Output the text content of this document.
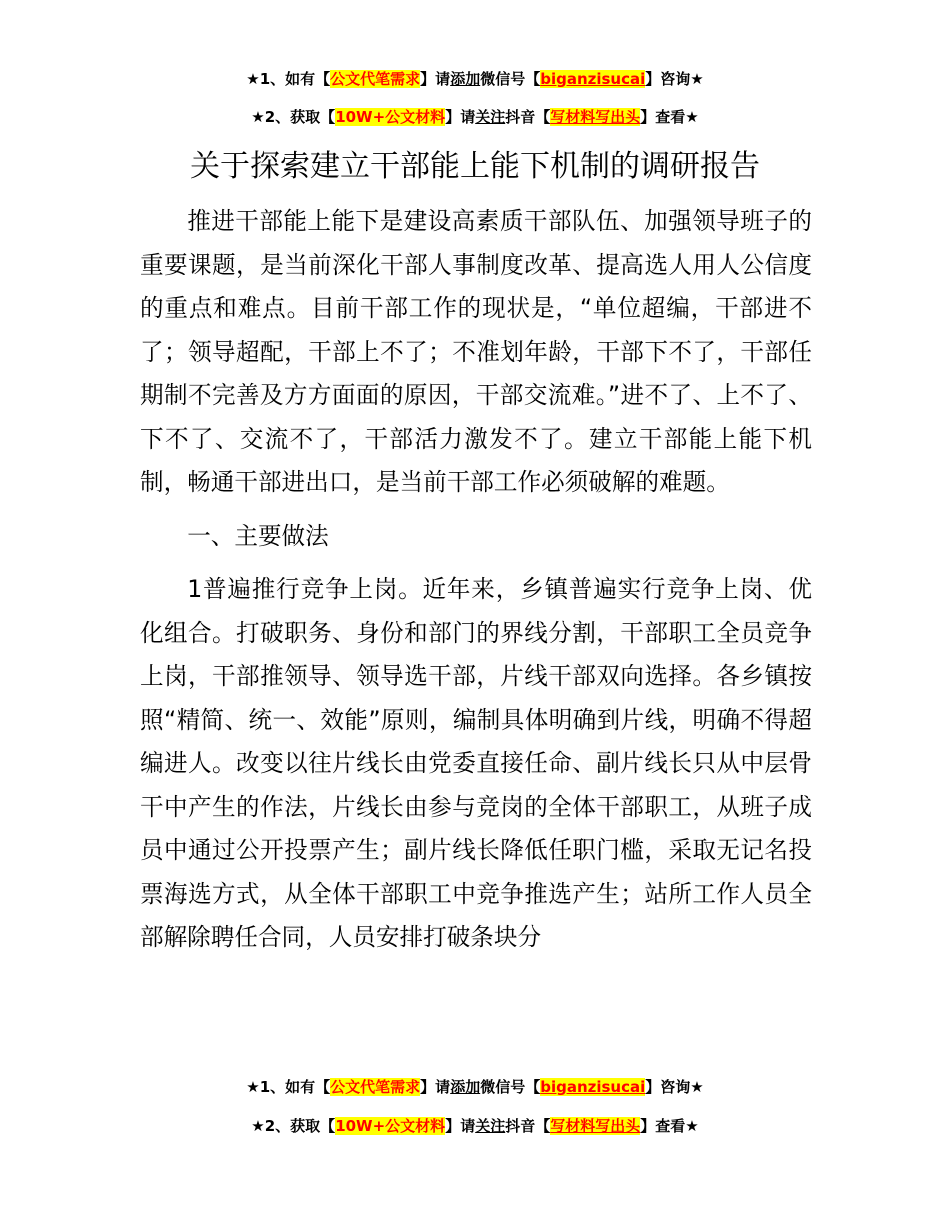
★1、如有【公文代笔需求】请添加微信号【biganzisucai】咨询★
★2、获取【10W+公文材料】请关注抖音【写材料写出头】查看★
关于探索建立干部能上能下机制的调研报告

推进干部能上能下是建设高素质干部队伍、加强领导班子的重要课题，是当前深化干部人事制度改革、提高选人用人公信度的重点和难点。目前干部工作的现状是，“单位超编，干部进不了；领导超配，干部上不了；不准划年龄，干部下不了，干部任期制不完善及方方面面的原因，干部交流难。”进不了、上不了、下不了、交流不了，干部活力激发不了。建立干部能上能下机制，畅通干部进出口，是当前干部工作必须破解的难题。

一、主要做法

1普遍推行竞争上岗。近年来，乡镇普遍实行竞争上岗、优化组合。打破职务、身份和部门的界线分割，干部职工全员竞争上岗，干部推领导、领导选干部，片线干部双向选择。各乡镇按照“精简、统一、效能”原则，编制具体明确到片线，明确不得超编进人。改变以往片线长由党委直接任命、副片线长只从中层骨干中产生的作法，片线长由参与竞岗的全体干部职工，从班子成员中通过公开投票产生；副片线长降低任职门槛，采取无记名投票海选方式，从全体干部职工中竞争推选产生；站所工作人员全部解除聘任合同，人员安排打破条块分

★1、如有【公文代笔需求】请添加微信号【biganzisucai】咨询★
★2、获取【10W+公文材料】请关注抖音【写材料写出头】查看★
